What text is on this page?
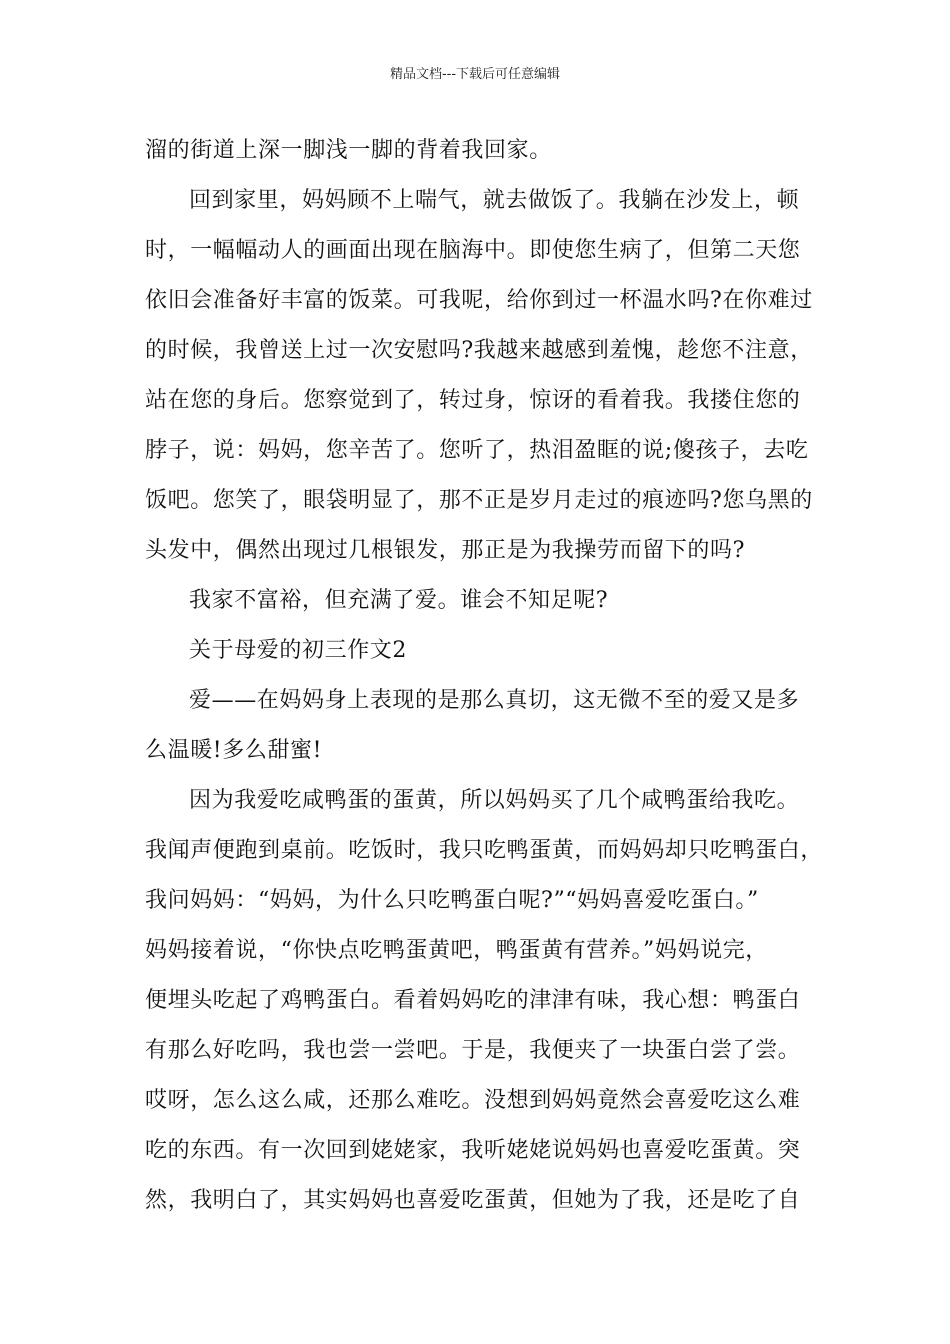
精品文档---下载后可任意编辑
溜的街道上深一脚浅一脚的背着我回家。
回到家里，妈妈顾不上喘气，就去做饭了。我躺在沙发上，顿
时，一幅幅动人的画面出现在脑海中。即使您生病了，但第二天您
依旧会准备好丰富的饭菜。可我呢，给你到过一杯温水吗?在你难过
的时候，我曾送上过一次安慰吗?我越来越感到羞愧，趁您不注意，
站在您的身后。您察觉到了，转过身，惊讶的看着我。我搂住您的
脖子，说：妈妈，您辛苦了。您听了，热泪盈眶的说;傻孩子，去吃
饭吧。您笑了，眼袋明显了，那不正是岁月走过的痕迹吗?您乌黑的
头发中，偶然出现过几根银发，那正是为我操劳而留下的吗?
我家不富裕，但充满了爱。谁会不知足呢?
关于母爱的初三作文2
爱——在妈妈身上表现的是那么真切，这无微不至的爱又是多
么温暖!多么甜蜜!
因为我爱吃咸鸭蛋的蛋黄，所以妈妈买了几个咸鸭蛋给我吃。
我闻声便跑到桌前。吃饭时，我只吃鸭蛋黄，而妈妈却只吃鸭蛋白，
我问妈妈：“妈妈，为什么只吃鸭蛋白呢?”“妈妈喜爱吃蛋白。”
妈妈接着说，“你快点吃鸭蛋黄吧，鸭蛋黄有营养。”妈妈说完，
便埋头吃起了鸡鸭蛋白。看着妈妈吃的津津有味，我心想：鸭蛋白
有那么好吃吗，我也尝一尝吧。于是，我便夹了一块蛋白尝了尝。
哎呀，怎么这么咸，还那么难吃。没想到妈妈竟然会喜爱吃这么难
吃的东西。有一次回到姥姥家，我听姥姥说妈妈也喜爱吃蛋黄。突
然，我明白了，其实妈妈也喜爱吃蛋黄，但她为了我，还是吃了自
